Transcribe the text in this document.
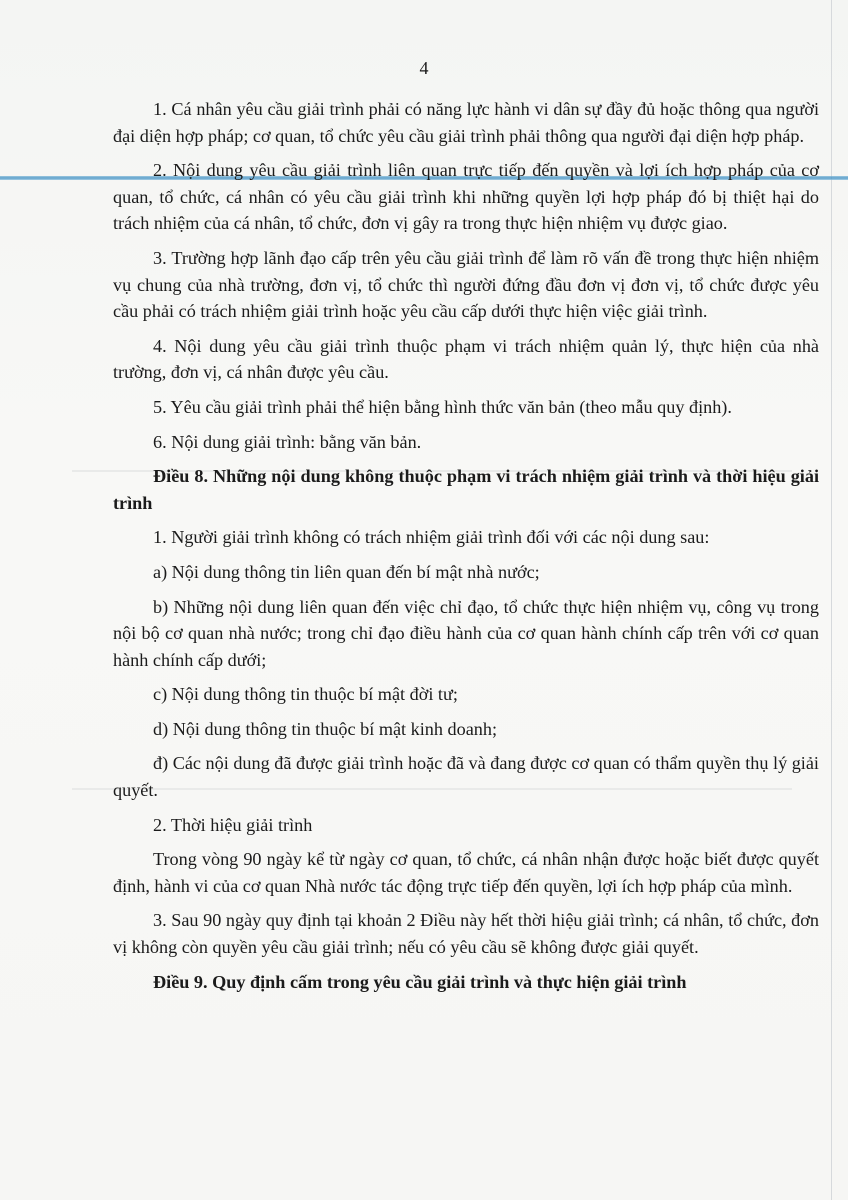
4

1. Cá nhân yêu cầu giải trình phải có năng lực hành vi dân sự đầy đủ hoặc thông qua người đại diện hợp pháp; cơ quan, tổ chức yêu cầu giải trình phải thông qua người đại diện hợp pháp.

2. Nội dung yêu cầu giải trình liên quan trực tiếp đến quyền và lợi ích hợp pháp của cơ quan, tổ chức, cá nhân có yêu cầu giải trình khi những quyền lợi hợp pháp đó bị thiệt hại do trách nhiệm của cá nhân, tổ chức, đơn vị gây ra trong thực hiện nhiệm vụ được giao.

3. Trường hợp lãnh đạo cấp trên yêu cầu giải trình để làm rõ vấn đề trong thực hiện nhiệm vụ chung của nhà trường, đơn vị, tổ chức thì người đứng đầu đơn vị đơn vị, tổ chức được yêu cầu phải có trách nhiệm giải trình hoặc yêu cầu cấp dưới thực hiện việc giải trình.

4. Nội dung yêu cầu giải trình thuộc phạm vi trách nhiệm quản lý, thực hiện của nhà trường, đơn vị, cá nhân được yêu cầu.

5. Yêu cầu giải trình phải thể hiện bằng hình thức văn bản (theo mẫu quy định).

6. Nội dung giải trình: bằng văn bản.

Điều 8. Những nội dung không thuộc phạm vi trách nhiệm giải trình và thời hiệu giải trình

1. Người giải trình không có trách nhiệm giải trình đối với các nội dung sau:

a) Nội dung thông tin liên quan đến bí mật nhà nước;

b) Những nội dung liên quan đến việc chỉ đạo, tổ chức thực hiện nhiệm vụ, công vụ trong nội bộ cơ quan nhà nước; trong chỉ đạo điều hành của cơ quan hành chính cấp trên với cơ quan hành chính cấp dưới;

c) Nội dung thông tin thuộc bí mật đời tư;

d) Nội dung thông tin thuộc bí mật kinh doanh;

đ) Các nội dung đã được giải trình hoặc đã và đang được cơ quan có thẩm quyền thụ lý giải quyết.

2. Thời hiệu giải trình

Trong vòng 90 ngày kể từ ngày cơ quan, tổ chức, cá nhân nhận được hoặc biết được quyết định, hành vi của cơ quan Nhà nước tác động trực tiếp đến quyền, lợi ích hợp pháp của mình.

3. Sau 90 ngày quy định tại khoản 2 Điều này hết thời hiệu giải trình; cá nhân, tổ chức, đơn vị không còn quyền yêu cầu giải trình; nếu có yêu cầu sẽ không được giải quyết.

Điều 9. Quy định cấm trong yêu cầu giải trình và thực hiện giải trình
